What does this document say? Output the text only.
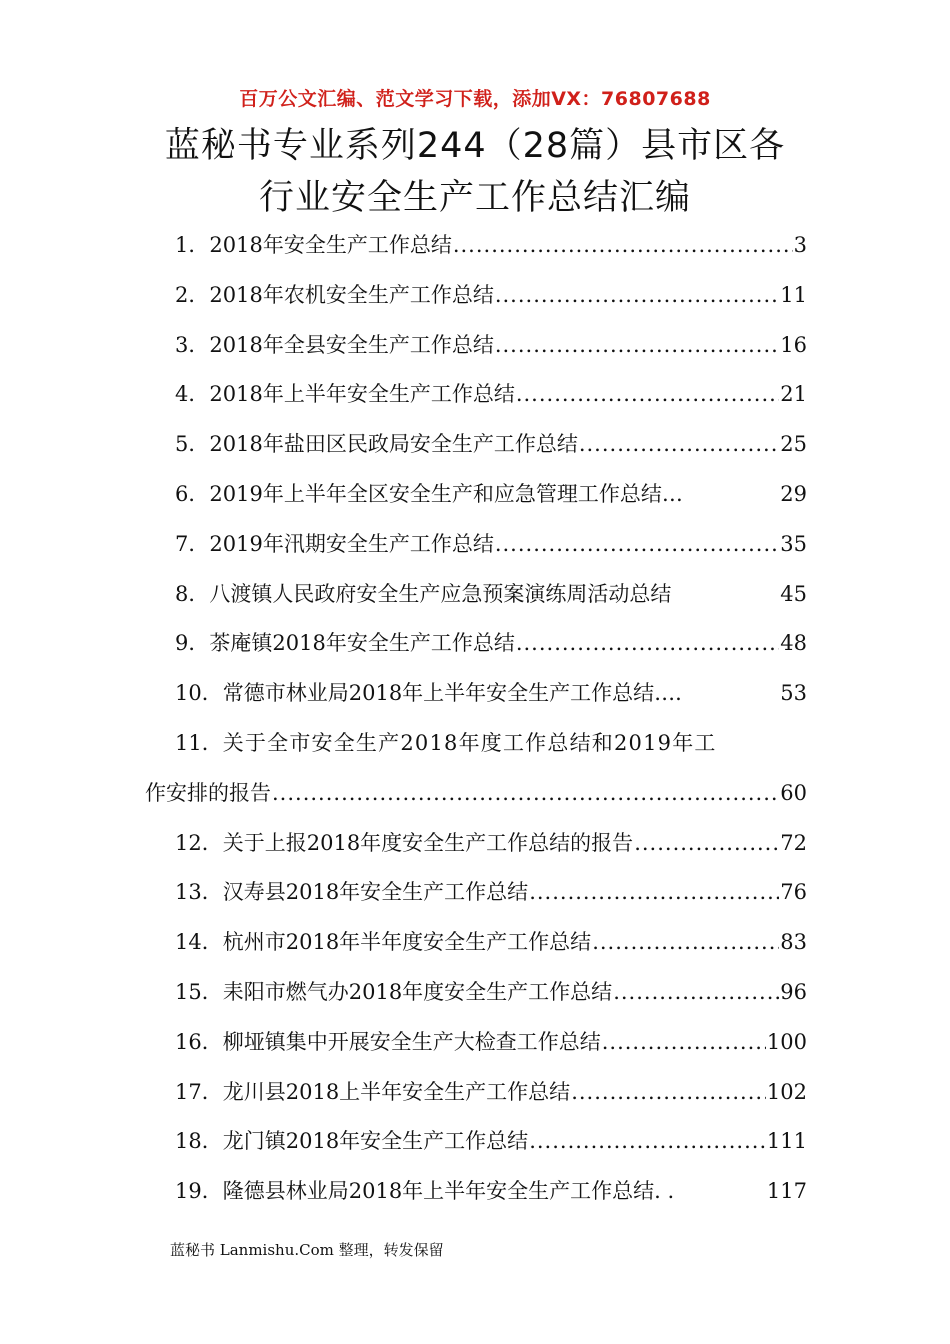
百万公文汇编、范文学习下载，添加VX：76807688
蓝秘书专业系列244（28篇）县市区各
行业安全生产工作总结汇编
1． 2018年安全生产工作总结 .....	3
2． 2018年农机安全生产工作总结 .....	11
3． 2018年全县安全生产工作总结 .....	16
4． 2018年上半年安全生产工作总结 .....	21
5． 2018年盐田区民政局安全生产工作总结 .....	25
6． 2019年上半年全区安全生产和应急管理工作总结…	29
7． 2019年汛期安全生产工作总结 .....	35
8． 八渡镇人民政府安全生产应急预案演练周活动总结	45
9． 茶庵镇2018年安全生产工作总结 .....	48
10． 常德市林业局2018年上半年安全生产工作总结….	53
11． 关于全市安全生产2018年度工作总结和2019年工
作安排的报告 .....	60
12． 关于上报2018年度安全生产工作总结的报告 .....	72
13． 汉寿县2018年安全生产工作总结 .....	76
14． 杭州市2018年半年度安全生产工作总结 .....	83
15． 耒阳市燃气办2018年度安全生产工作总结 .....	96
16． 柳垭镇集中开展安全生产大检查工作总结 .....	100
17． 龙川县2018上半年安全生产工作总结 .....	102
18． 龙门镇2018年安全生产工作总结 .....	111
19． 隆德县林业局2018年上半年安全生产工作总结. .	117
蓝秘书 Lanmishu.Com 整理，转发保留
